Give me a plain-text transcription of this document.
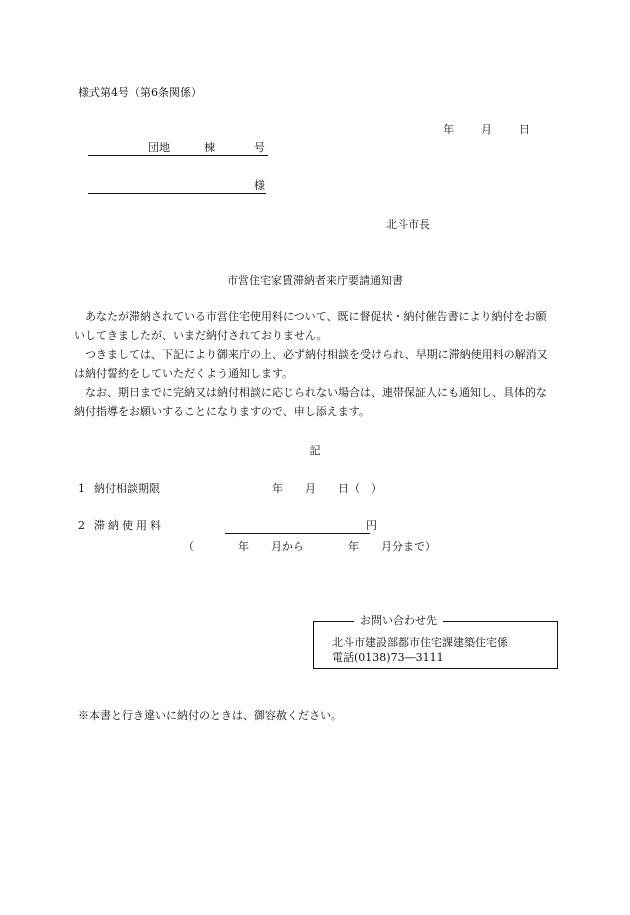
様式第4号（第6条関係）
年 月 日
団地	棟	号
様
北斗市長
市営住宅家賃滞納者来庁要請通知書

　あなたが滞納されている市営住宅使用料について、既に督促状・納付催告書により納付をお願いしてきましたが、いまだ納付されておりません。

　つきましては、下記により御来庁の上、必ず納付相談を受けられ、早期に滞納使用料の解消又は納付誓約をしていただくよう通知します。

　なお、期日までに完納又は納付相談に応じられない場合は、連帯保証人にも通知し、具体的な納付指導をお願いすることになりますので、申し添えます。

記
1 納付相談期限	年　　月　　日（　）
2 滞納使用料	円
（　　　　年　　月から　　　　年　　月分まで）
お問い合わせ先
北斗市建設部都市住宅課建築住宅係
電話(0138)73―3111
※本書と行き違いに納付のときは、御容赦ください。
